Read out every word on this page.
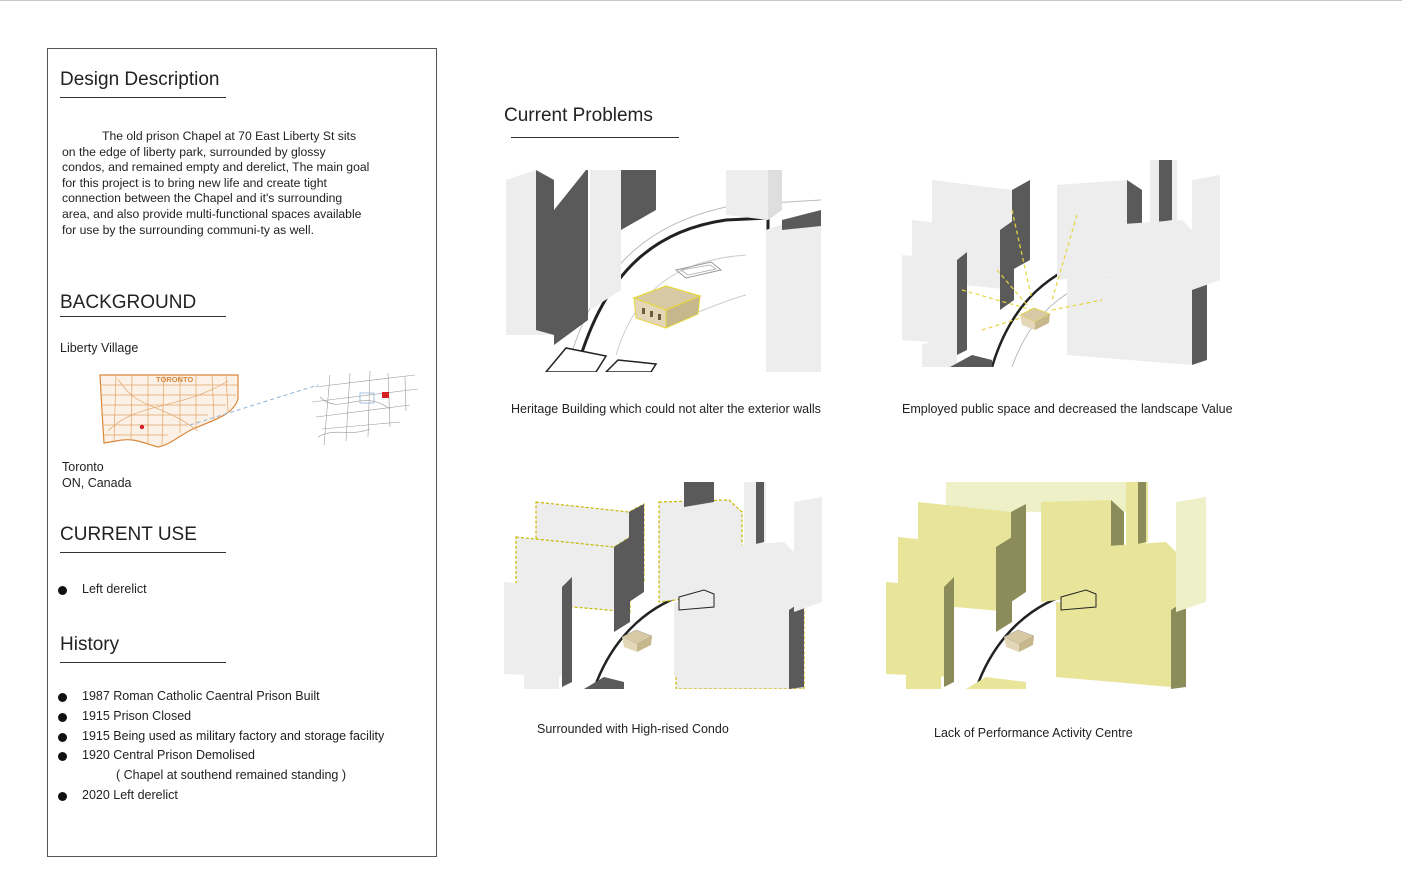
Design Description
The old prison Chapel at 70 East Liberty St sits on the edge of liberty park, surrounded by glossy condos, and remained empty and derelict, The main goal for this project is to bring new life and create tight connection between the Chapel and it's surrounding area, and also provide multi-functional spaces available for use by the surrounding communi-ty as well.
BACKGROUND
Liberty Village
TORONTO
Toronto
ON, Canada
CURRENT USE
Left derelict
History
1987 Roman Catholic Caentral Prison Built
1915 Prison Closed
1915 Being used as military factory and storage facility
1920 Central Prison Demolised
( Chapel at southend remained standing )
2020 Left derelict
Current Problems
Heritage Building which could not alter the exterior walls	Employed public space and decreased the landscape Value
Surrounded with High-rised Condo	Lack of Performance Activity Centre
